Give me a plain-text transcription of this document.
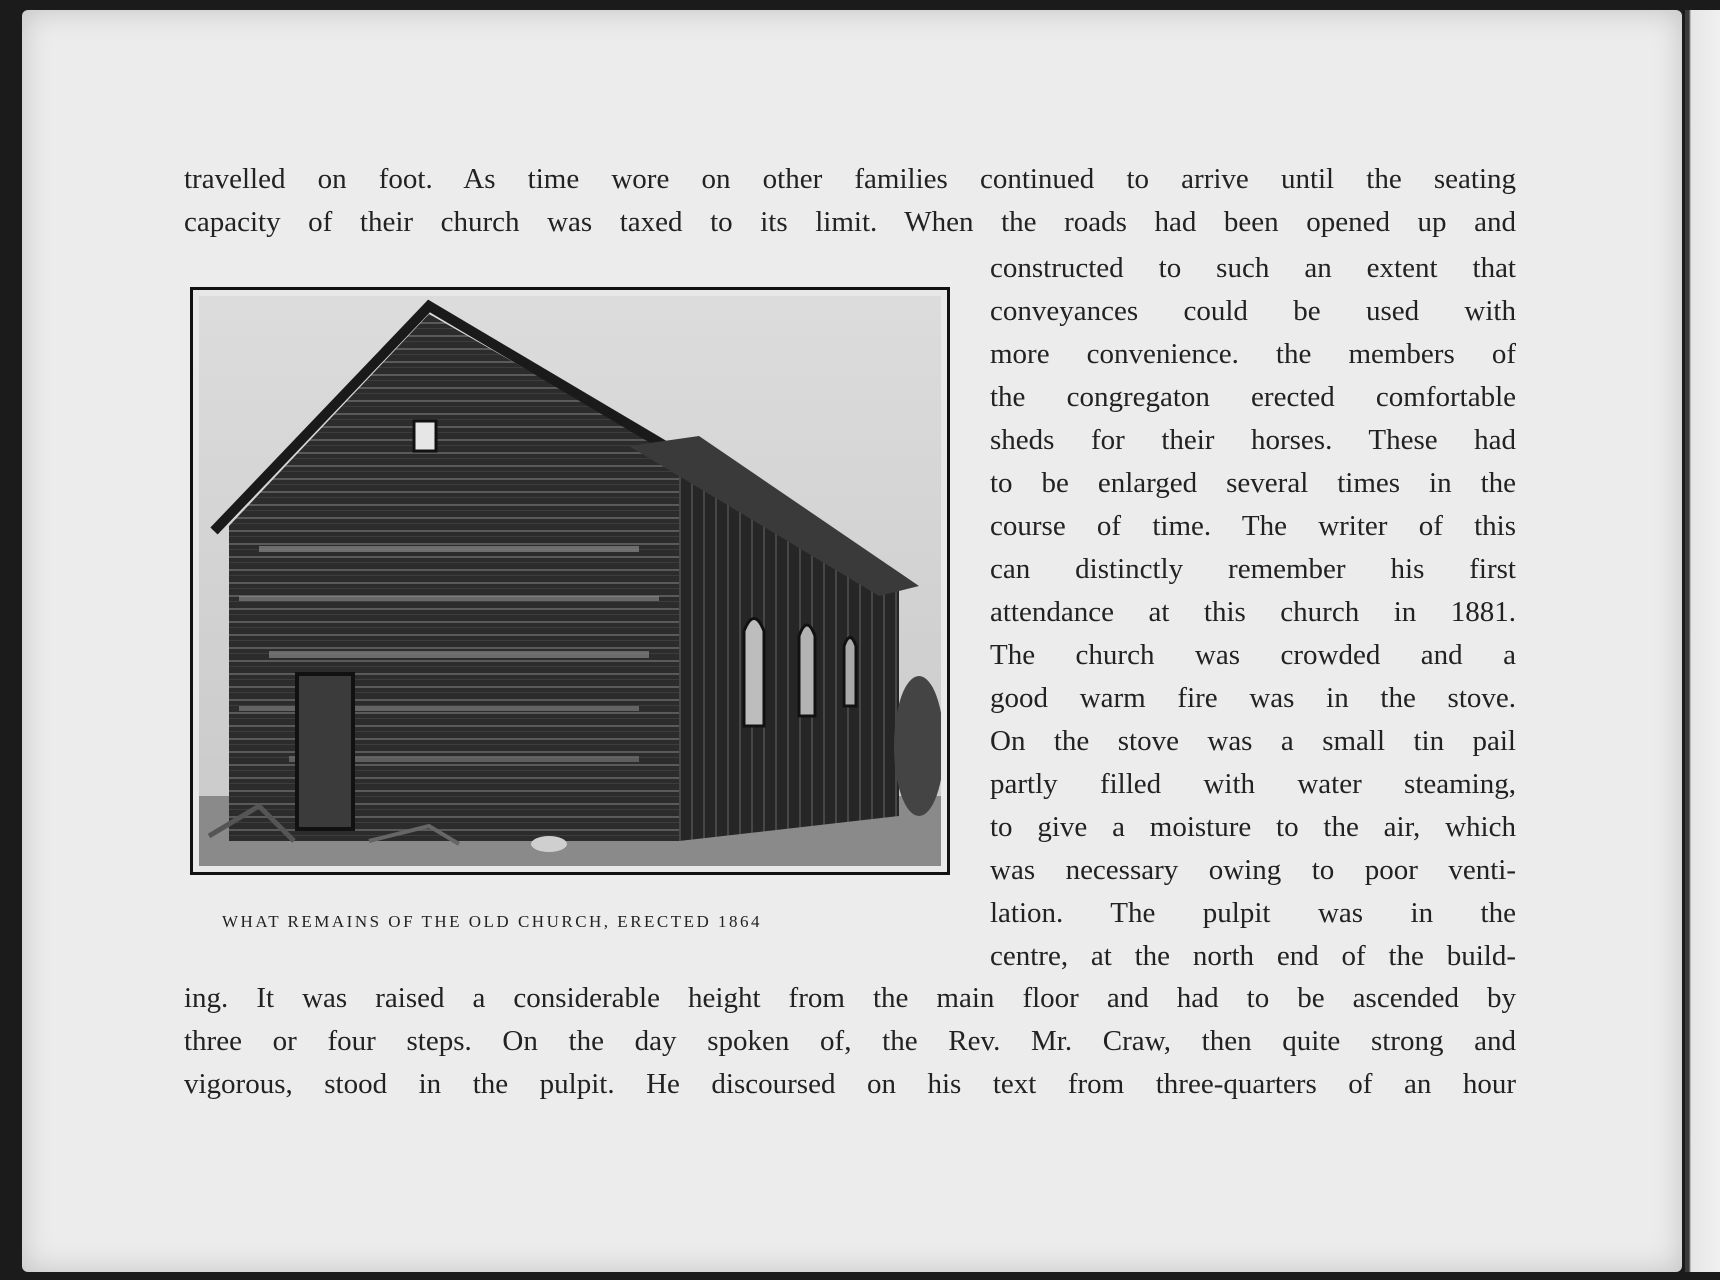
travelled on foot. As time wore on other families continued to arrive until the seating
capacity of their church was taxed to its limit. When the roads had been opened up and
constructed to such an extent that
conveyances could be used with
more convenience. the members of
the congregaton erected comfortable
sheds for their horses. These had
to be enlarged several times in the
course of time. The writer of this
can distinctly remember his first
attendance at this church in 1881.
The church was crowded and a
good warm fire was in the stove.
On the stove was a small tin pail
partly filled with water steaming,
to give a moisture to the air, which
was necessary owing to poor venti-
lation. The pulpit was in the
centre, at the north end of the build-
ing. It was raised a considerable height from the main floor and had to be ascended by
three or four steps. On the day spoken of, the Rev. Mr. Craw, then quite strong and
vigorous, stood in the pulpit. He discoursed on his text from three-quarters of an hour
WHAT REMAINS OF THE OLD CHURCH, ERECTED 1864
